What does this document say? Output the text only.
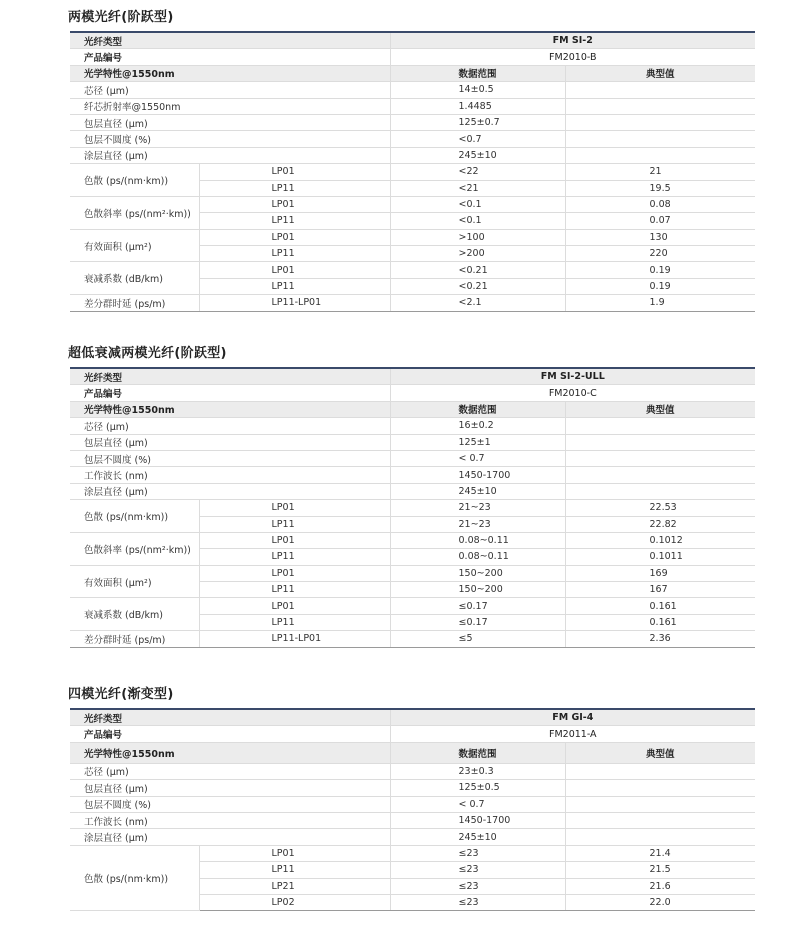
两模光纤(阶跃型)
光纤类型		FM SI-2	
产品编号		FM2010-B	
光学特性@1550nm		数据范围	典型值
芯径 (μm)		14±0.5	
纤芯折射率@1550nm		1.4485	
包层直径 (μm)		125±0.7	
包层不圆度 (%)		<0.7	
涂层直径 (μm)		245±10	
色散 (ps/(nm·km))	LP01	<22	21
	LP11	<21	19.5
色散斜率 (ps/(nm²·km))	LP01	<0.1	0.08
	LP11	<0.1	0.07
有效面积 (μm²)	LP01	>100	130
	LP11	>200	220
衰减系数 (dB/km)	LP01	<0.21	0.19
	LP11	<0.21	0.19
差分群时延 (ps/m)	LP11-LP01	<2.1	1.9
超低衰减两模光纤(阶跃型)
光纤类型		FM SI-2-ULL	
产品编号		FM2010-C	
光学特性@1550nm		数据范围	典型值
芯径 (μm)		16±0.2	
包层直径 (μm)		125±1	
包层不圆度 (%)		< 0.7	
工作波长 (nm)		1450-1700	
涂层直径 (μm)		245±10	
色散 (ps/(nm·km))	LP01	21~23	22.53
	LP11	21~23	22.82
色散斜率 (ps/(nm²·km))	LP01	0.08~0.11	0.1012
	LP11	0.08~0.11	0.1011
有效面积 (μm²)	LP01	150~200	169
	LP11	150~200	167
衰减系数 (dB/km)	LP01	≤0.17	0.161
	LP11	≤0.17	0.161
差分群时延 (ps/m)	LP11-LP01	≤5	2.36
四模光纤(渐变型)
光纤类型		FM GI-4	
产品编号		FM2011-A	
光学特性@1550nm		数据范围	典型值
芯径 (μm)		23±0.3	
包层直径 (μm)		125±0.5	
包层不圆度 (%)		< 0.7	
工作波长 (nm)		1450-1700	
涂层直径 (μm)		245±10	
色散 (ps/(nm·km))	LP01	≤23	21.4
	LP11	≤23	21.5
	LP21	≤23	21.6
	LP02	≤23	22.0
